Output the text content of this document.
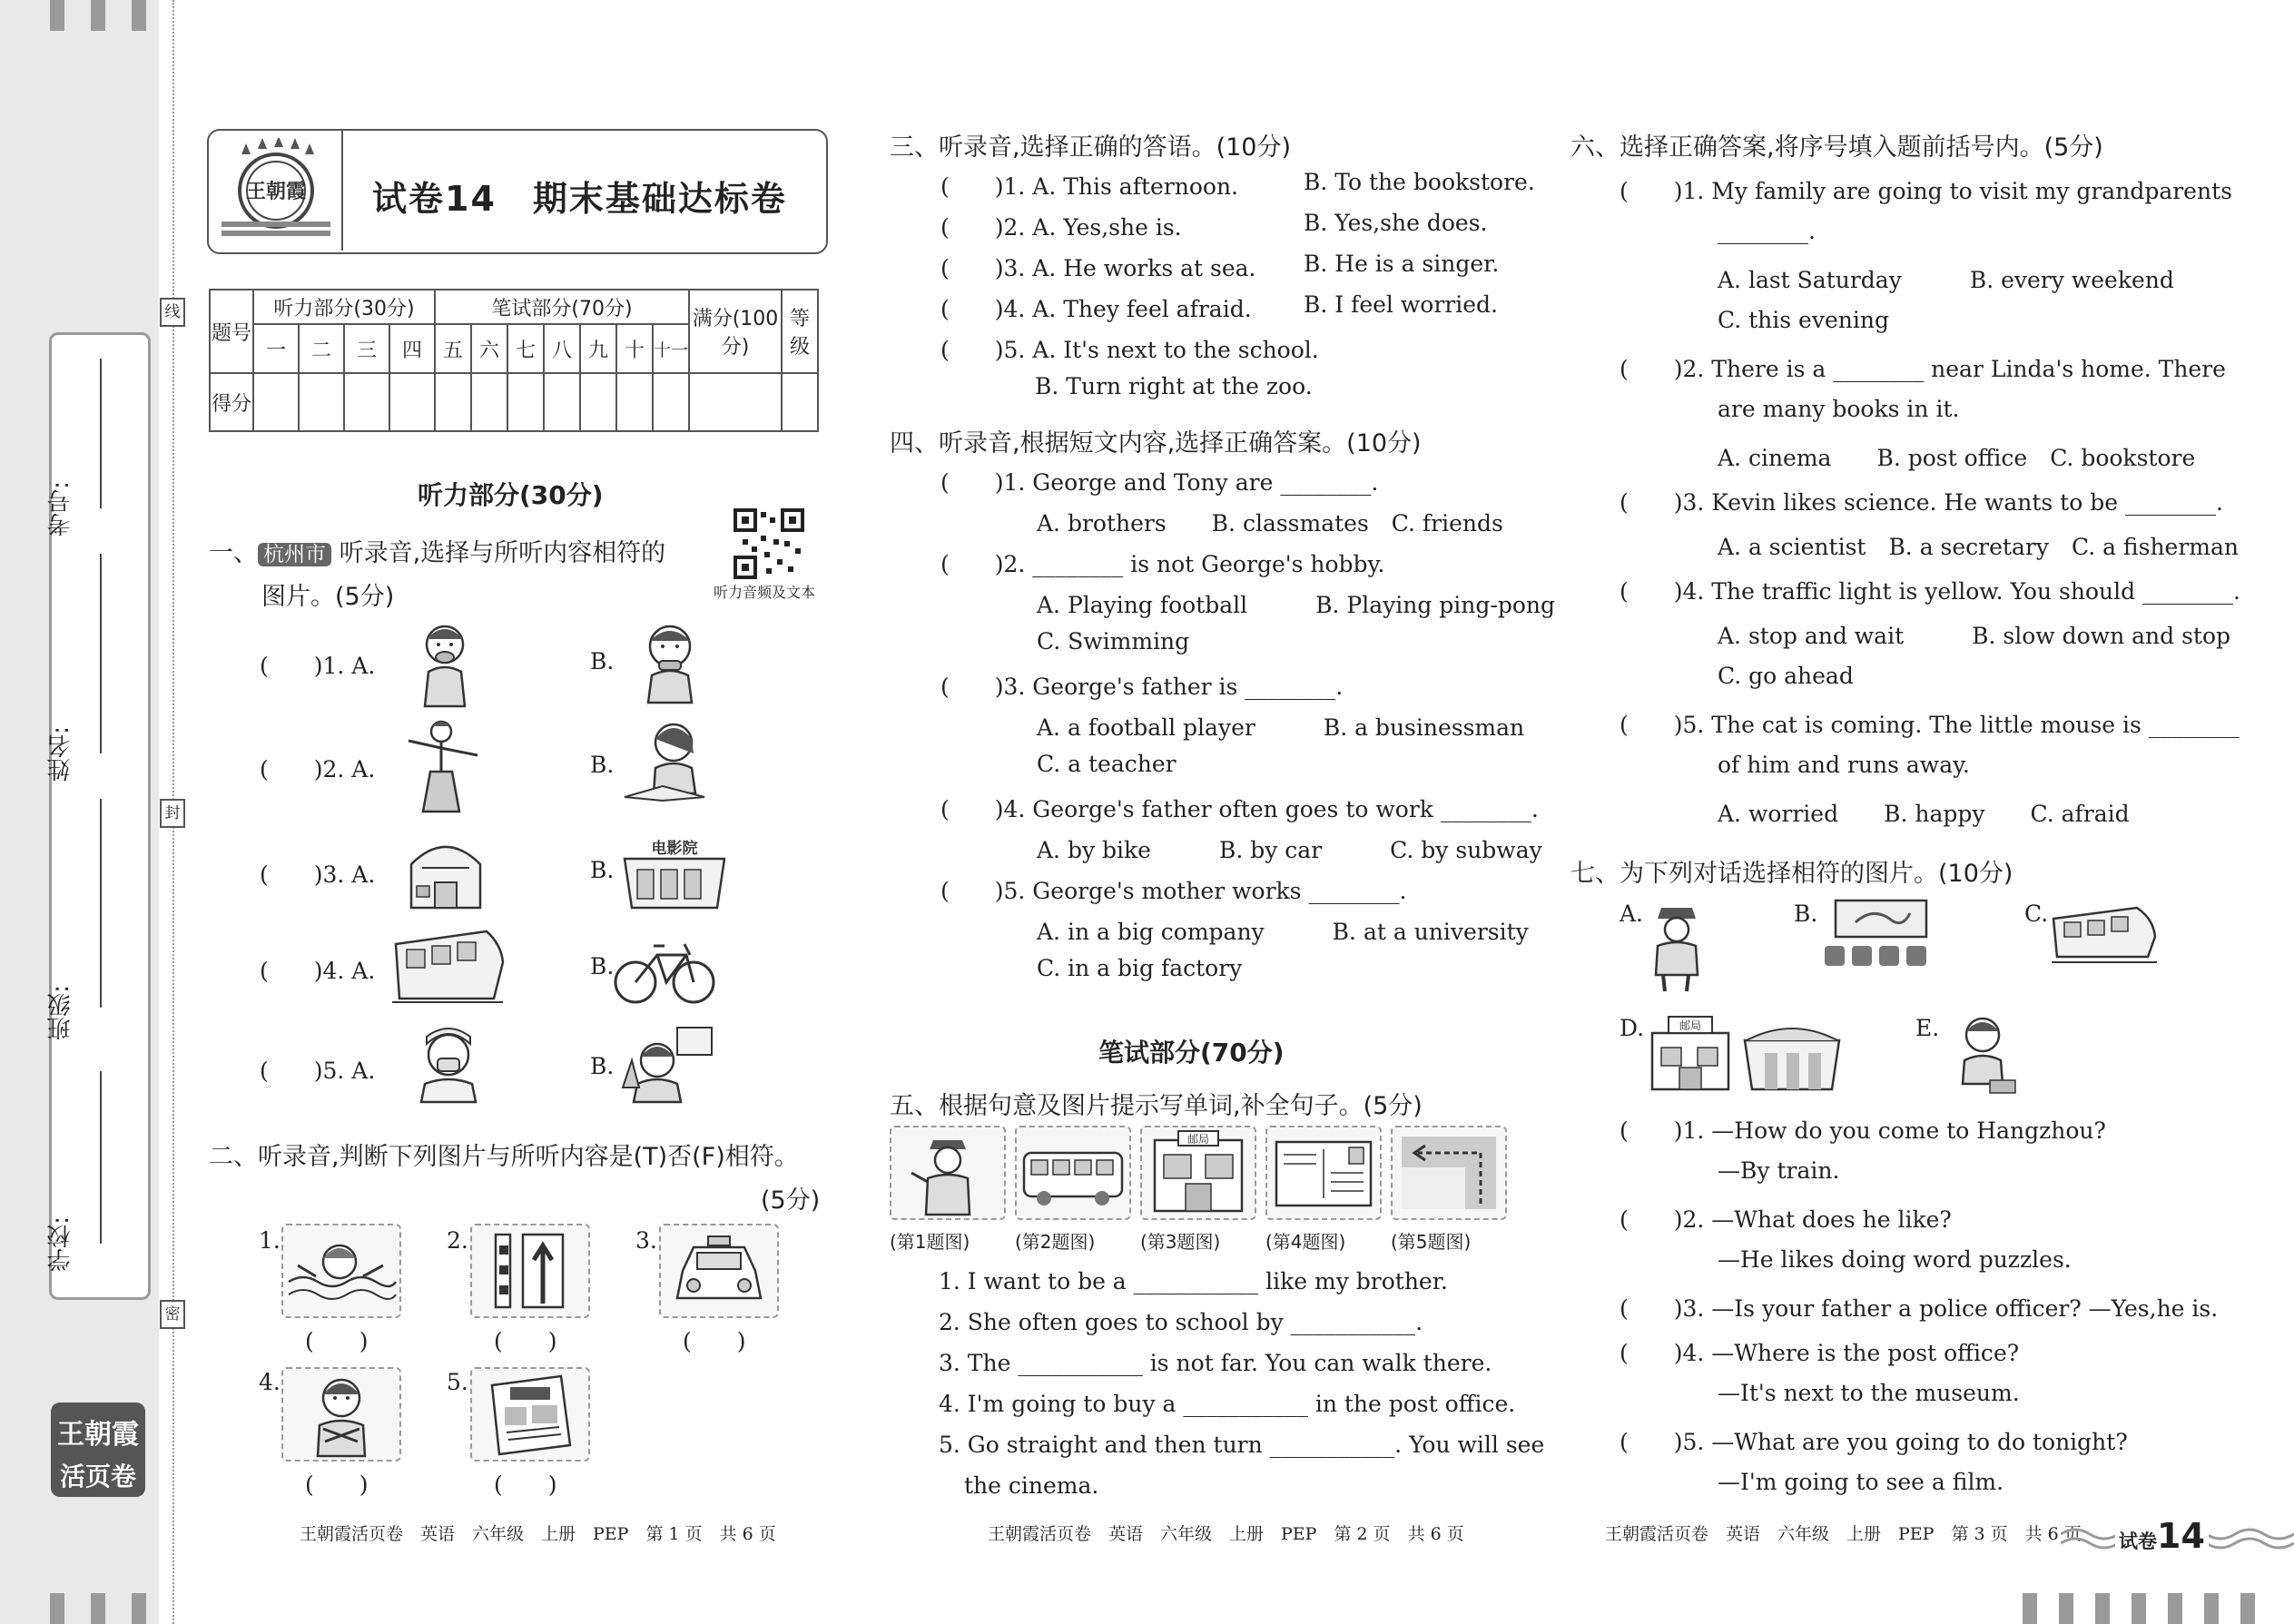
学校:
班级:
姓名:
考号:
线
封
密
王朝霞
活页卷
王朝霞 试卷14　期末基础达标卷
题号	听力部分(30分)				笔试部分(70分)							满分(100分)	等级
	一	二	三	四	五	六	七	八	九	十	十一		
得分													
听力部分(30分)
一、 杭州市 听录音,选择与所听内容相符的
图片。(5分)	听力音频及文本
(　　)1. A.	B.
(　　)2. A.	B.
(　　)3. A.	B.
(　　)4. A.	B.
(　　)5. A.	B.
电影院
二、听录音,判断下列图片与所听内容是(T)否(F)相符。
(5分)
1.
(　　)
2.
(　　)
3.
(　　)
4.
(　　)
5.
(　　)
三、听录音,选择正确的答语。(10分)
(　　)1. A. This afternoon.	B. To the bookstore.
(　　)2. A. Yes,she is.	B. Yes,she does.
(　　)3. A. He works at sea. B. He is a singer.
(　　)4. A. They feel afraid. B. I feel worried.
(　　)5. A. It's next to the school.
B. Turn right at the zoo.
四、听录音,根据短文内容,选择正确答案。(10分)
(　　)1. George and Tony are ________.
A. brothers　　B. classmates　C. friends
(　　)2. ________ is not George's hobby.
A. Playing football　　　B. Playing ping-pong
C. Swimming
(　　)3. George's father is ________.
A. a football player　　　B. a businessman
C. a teacher
(　　)4. George's father often goes to work ________.
A. by bike　　　B. by car　　　C. by subway
(　　)5. George's mother works ________.
A. in a big company　　　B. at a university
C. in a big factory
笔试部分(70分)
五、根据句意及图片提示写单词,补全句子。(5分)
邮局
(第1题图) (第2题图) (第3题图) (第4题图) (第5题图)
1. I want to be a ___________ like my brother.
2. She often goes to school by ___________.
3. The ___________ is not far. You can walk there.
4. I'm going to buy a ___________ in the post office.
5. Go straight and then turn ___________. You will see
the cinema.
六、选择正确答案,将序号填入题前括号内。(5分)
(　　)1. My family are going to visit my grandparents
________.
A. last Saturday　　　B. every weekend
C. this evening
(　　)2. There is a ________ near Linda's home. There
are many books in it.
A. cinema　　B. post office　C. bookstore
(　　)3. Kevin likes science. He wants to be ________.
A. a scientist　B. a secretary　C. a fisherman
(　　)4. The traffic light is yellow. You should ________.
A. stop and wait　　　B. slow down and stop
C. go ahead
(　　)5. The cat is coming. The little mouse is ________
of him and runs away.
A. worried　　B. happy　　C. afraid
七、为下列对话选择相符的图片。(10分)
A.	B.	C.
D.	邮局	E.
(　　)1. —How do you come to Hangzhou?
—By train.
(　　)2. —What does he like?
—He likes doing word puzzles.
(　　)3. —Is your father a police officer? —Yes,he is.
(　　)4. —Where is the post office?
—It's next to the museum.
(　　)5. —What are you going to do tonight?
—I'm going to see a film.
王朝霞活页卷　英语　六年级　上册　PEP　第 1 页　共 6 页	王朝霞活页卷　英语　六年级　上册　PEP　第 2 页　共 6 页	王朝霞活页卷　英语　六年级　上册　PEP　第 3 页　共 6 页 试卷14
